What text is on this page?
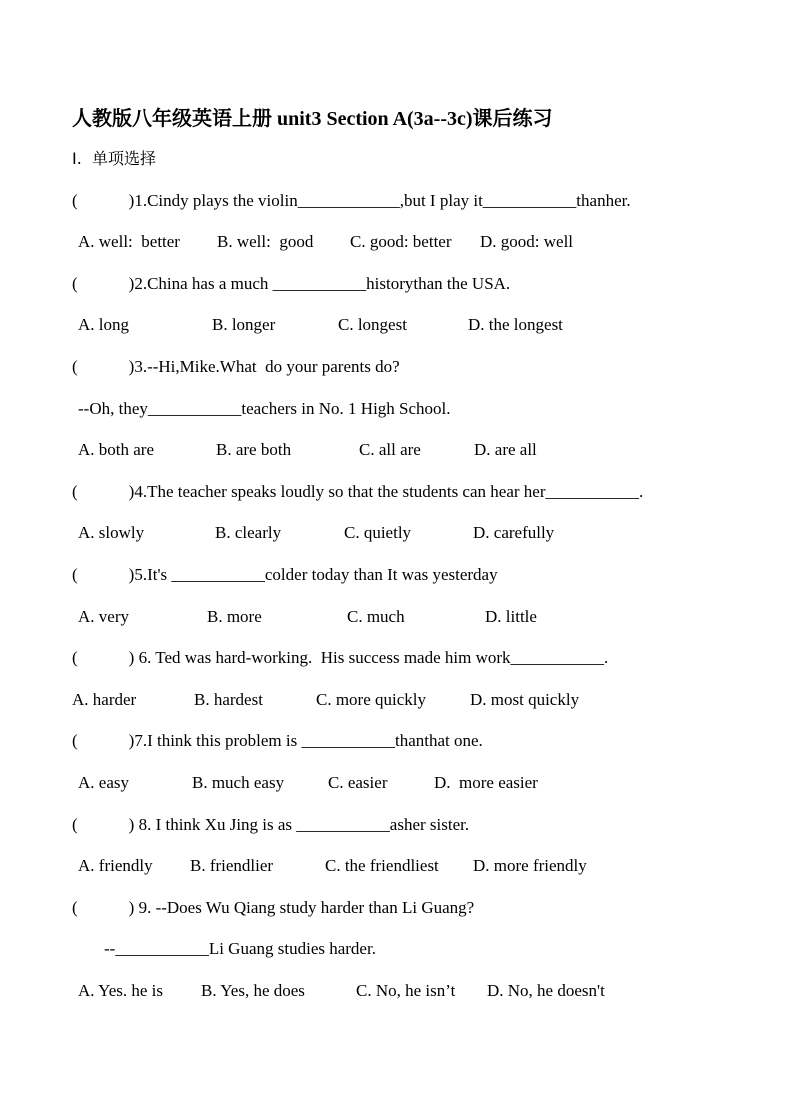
人教版八年级英语上册 unit3 Section A(3a--3c)课后练习
I.  单项选择
(            )1.Cindy plays the violin____________,but I play it___________thanher.
A. well:  better B. well:  good C. good: better D. good: well
(            )2.China has a much ___________historythan the USA.
A. long	B. longer	C. longest	D. the longest
(            )3.--Hi,Mike.What  do your parents do?
--Oh, they___________teachers in No. 1 High School.
A. both are	B. are both	C. all are	D. are all
(            )4.The teacher speaks loudly so that the students can hear her___________.
A. slowly	B. clearly	C. quietly	D. carefully
(            )5.It's ___________colder today than It was yesterday
A. very	B. more	C. much	D. little
(            ) 6. Ted was hard-working.  His success made him work___________.
A. harder	B. hardest	C. more quickly	D. most quickly
(            )7.I think this problem is ___________thanthat one.
A. easy	B. much easy	C. easier	D.  more easier
(            ) 8. I think Xu Jing is as ___________asher sister.
A. friendly B. friendlier	C. the friendliest D. more friendly
(            ) 9. --Does Wu Qiang study harder than Li Guang?
--___________Li Guang studies harder.
A. Yes. he is B. Yes, he does	C. No, he isn’t D. No, he doesn't
